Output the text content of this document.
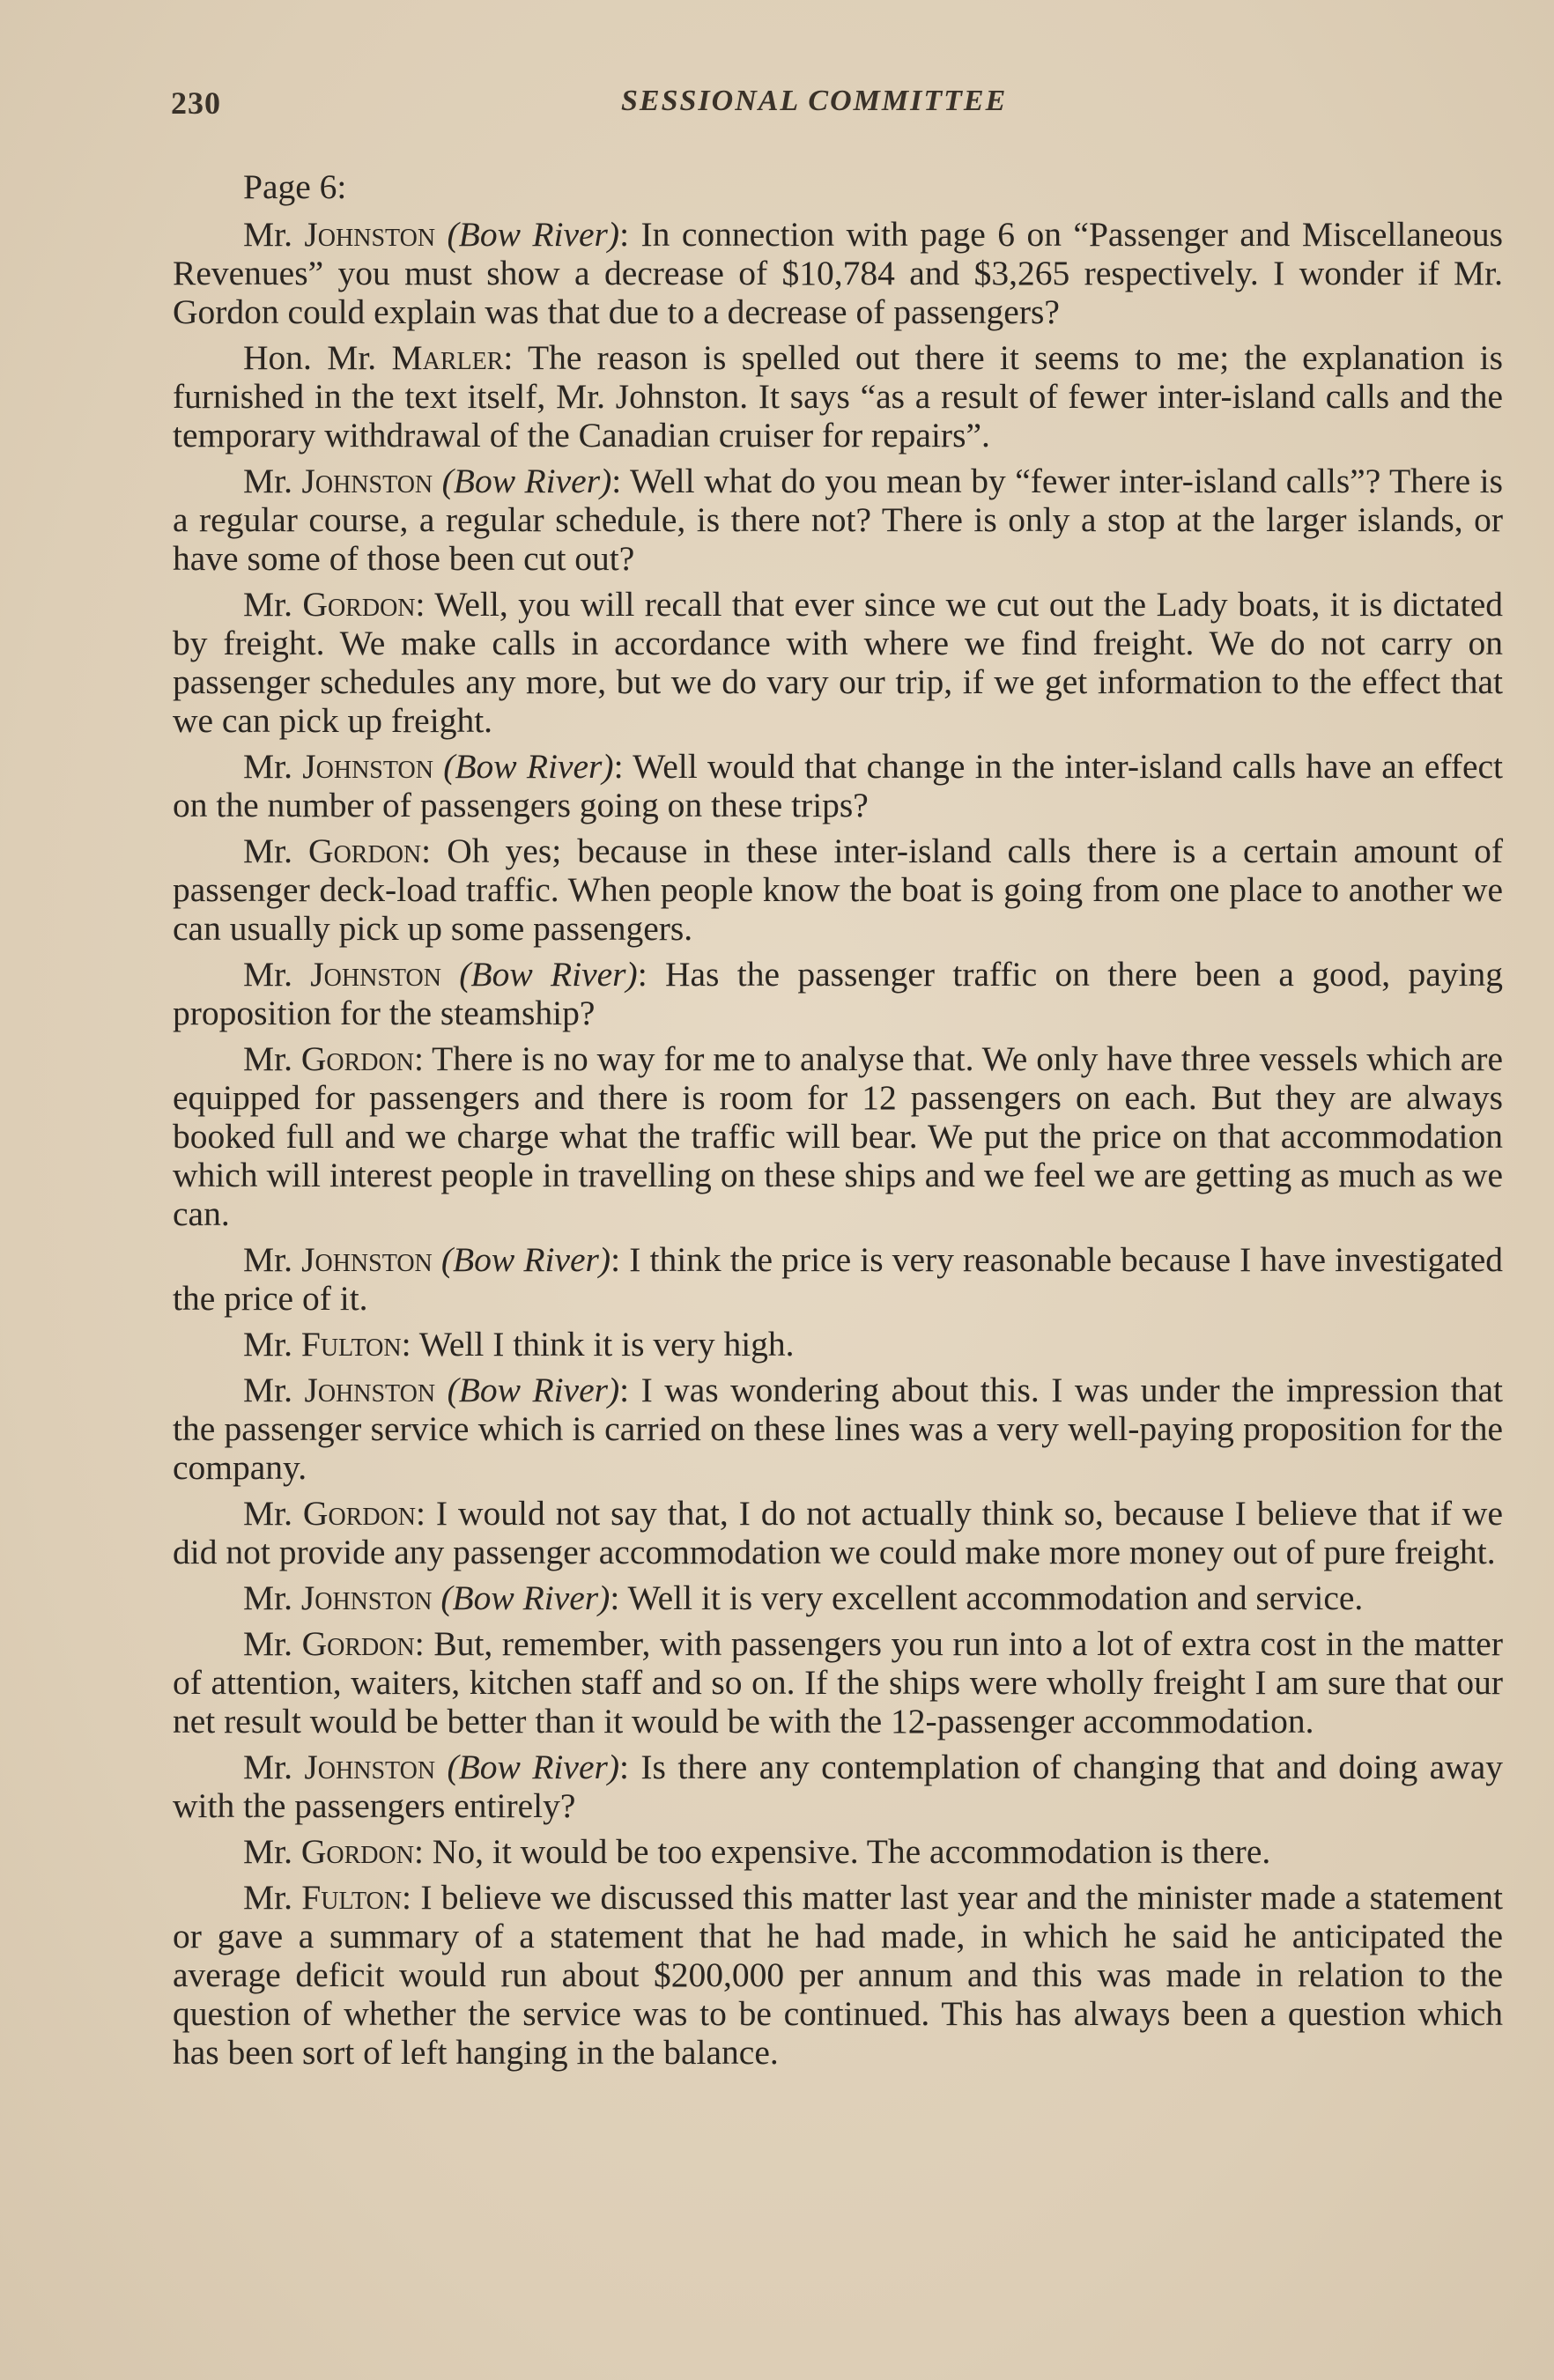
230	SESSIONAL COMMITTEE

Page 6:

Mr. Johnston (Bow River): In connection with page 6 on “Passenger and Miscellaneous Revenues” you must show a decrease of $10,784 and $3,265 respectively. I wonder if Mr. Gordon could explain was that due to a decrease of passengers?

Hon. Mr. Marler: The reason is spelled out there it seems to me; the explanation is furnished in the text itself, Mr. Johnston. It says “as a result of fewer inter-island calls and the temporary withdrawal of the Canadian cruiser for repairs”.

Mr. Johnston (Bow River): Well what do you mean by “fewer inter-island calls”? There is a regular course, a regular schedule, is there not? There is only a stop at the larger islands, or have some of those been cut out?

Mr. Gordon: Well, you will recall that ever since we cut out the Lady boats, it is dictated by freight. We make calls in accordance with where we find freight. We do not carry on passenger schedules any more, but we do vary our trip, if we get information to the effect that we can pick up freight.

Mr. Johnston (Bow River): Well would that change in the inter-island calls have an effect on the number of passengers going on these trips?

Mr. Gordon: Oh yes; because in these inter-island calls there is a certain amount of passenger deck-load traffic. When people know the boat is going from one place to another we can usually pick up some passengers.

Mr. Johnston (Bow River): Has the passenger traffic on there been a good, paying proposition for the steamship?

Mr. Gordon: There is no way for me to analyse that. We only have three vessels which are equipped for passengers and there is room for 12 passengers on each. But they are always booked full and we charge what the traffic will bear. We put the price on that accommodation which will interest people in travelling on these ships and we feel we are getting as much as we can.

Mr. Johnston (Bow River): I think the price is very reasonable because I have investigated the price of it.

Mr. Fulton: Well I think it is very high.

Mr. Johnston (Bow River): I was wondering about this. I was under the impression that the passenger service which is carried on these lines was a very well-paying proposition for the company.

Mr. Gordon: I would not say that, I do not actually think so, because I believe that if we did not provide any passenger accommodation we could make more money out of pure freight.

Mr. Johnston (Bow River): Well it is very excellent accommodation and service.

Mr. Gordon: But, remember, with passengers you run into a lot of extra cost in the matter of attention, waiters, kitchen staff and so on. If the ships were wholly freight I am sure that our net result would be better than it would be with the 12-passenger accommodation.

Mr. Johnston (Bow River): Is there any contemplation of changing that and doing away with the passengers entirely?

Mr. Gordon: No, it would be too expensive. The accommodation is there.

Mr. Fulton: I believe we discussed this matter last year and the minister made a statement or gave a summary of a statement that he had made, in which he said he anticipated the average deficit would run about $200,000 per annum and this was made in relation to the question of whether the service was to be continued. This has always been a question which has been sort of left hanging in the balance.
